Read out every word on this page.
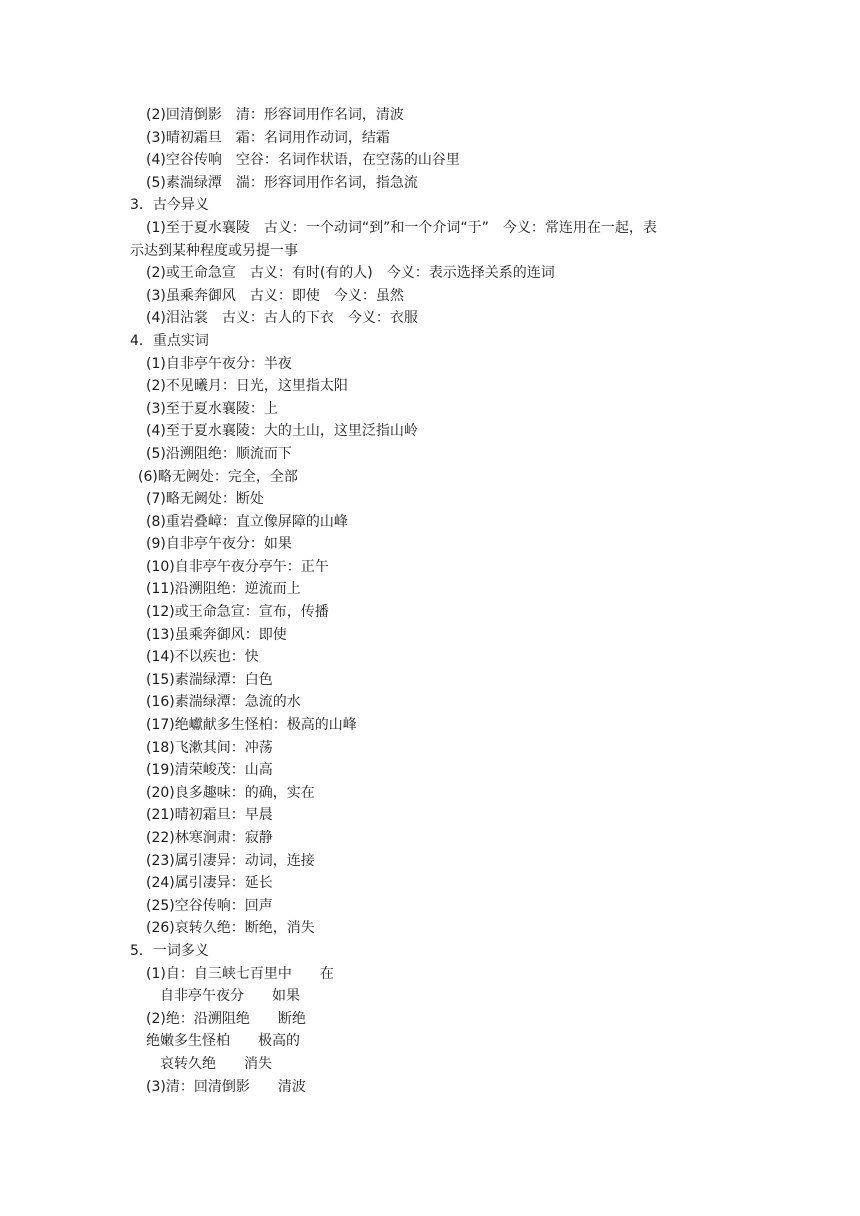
(2)回清倒影　清：形容词用作名词，清波
(3)晴初霜旦　霜：名词用作动词，结霜
(4)空谷传响　空谷：名词作状语，在空荡的山谷里
(5)素湍绿潭　湍：形容词用作名词，指急流
3．古今异义
(1)至于夏水襄陵　古义：一个动词“到”和一个介词“于”　今义：常连用在一起，表
示达到某种程度或另提一事
(2)或王命急宣　古义：有时(有的人)　今义：表示选择关系的连词
(3)虽乘奔御风　古义：即使　今义：虽然
(4)泪沾裳　古义：古人的下衣　今义：衣服
4．重点实词
(1)自非亭午夜分：半夜
(2)不见曦月：日光，这里指太阳
(3)至于夏水襄陵：上
(4)至于夏水襄陵：大的土山，这里泛指山岭
(5)沿溯阻绝：顺流而下
(6)略无阙处：完全，全部
(7)略无阙处：断处
(8)重岩叠嶂：直立像屏障的山峰
(9)自非亭午夜分：如果
(10)自非亭午夜分亭午：正午
(11)沿溯阻绝：逆流而上
(12)或王命急宣：宣布，传播
(13)虽乘奔御风：即使
(14)不以疾也：快
(15)素湍绿潭：白色
(16)素湍绿潭：急流的水
(17)绝巘献多生怪柏：极高的山峰
(18)飞漱其间：冲荡
(19)清荣峻茂：山高
(20)良多趣味：的确，实在
(21)晴初霜旦：早晨
(22)林寒涧肃：寂静
(23)属引凄异：动词，连接
(24)属引凄异：延长
(25)空谷传响：回声
(26)哀转久绝：断绝，消失
5．一词多义
(1)自：自三峡七百里中　　在
自非亭午夜分　　如果
(2)绝：沿溯阻绝　　断绝
绝嫩多生怪柏　　极高的
哀转久绝　　消失
(3)清：回清倒影　　清波
